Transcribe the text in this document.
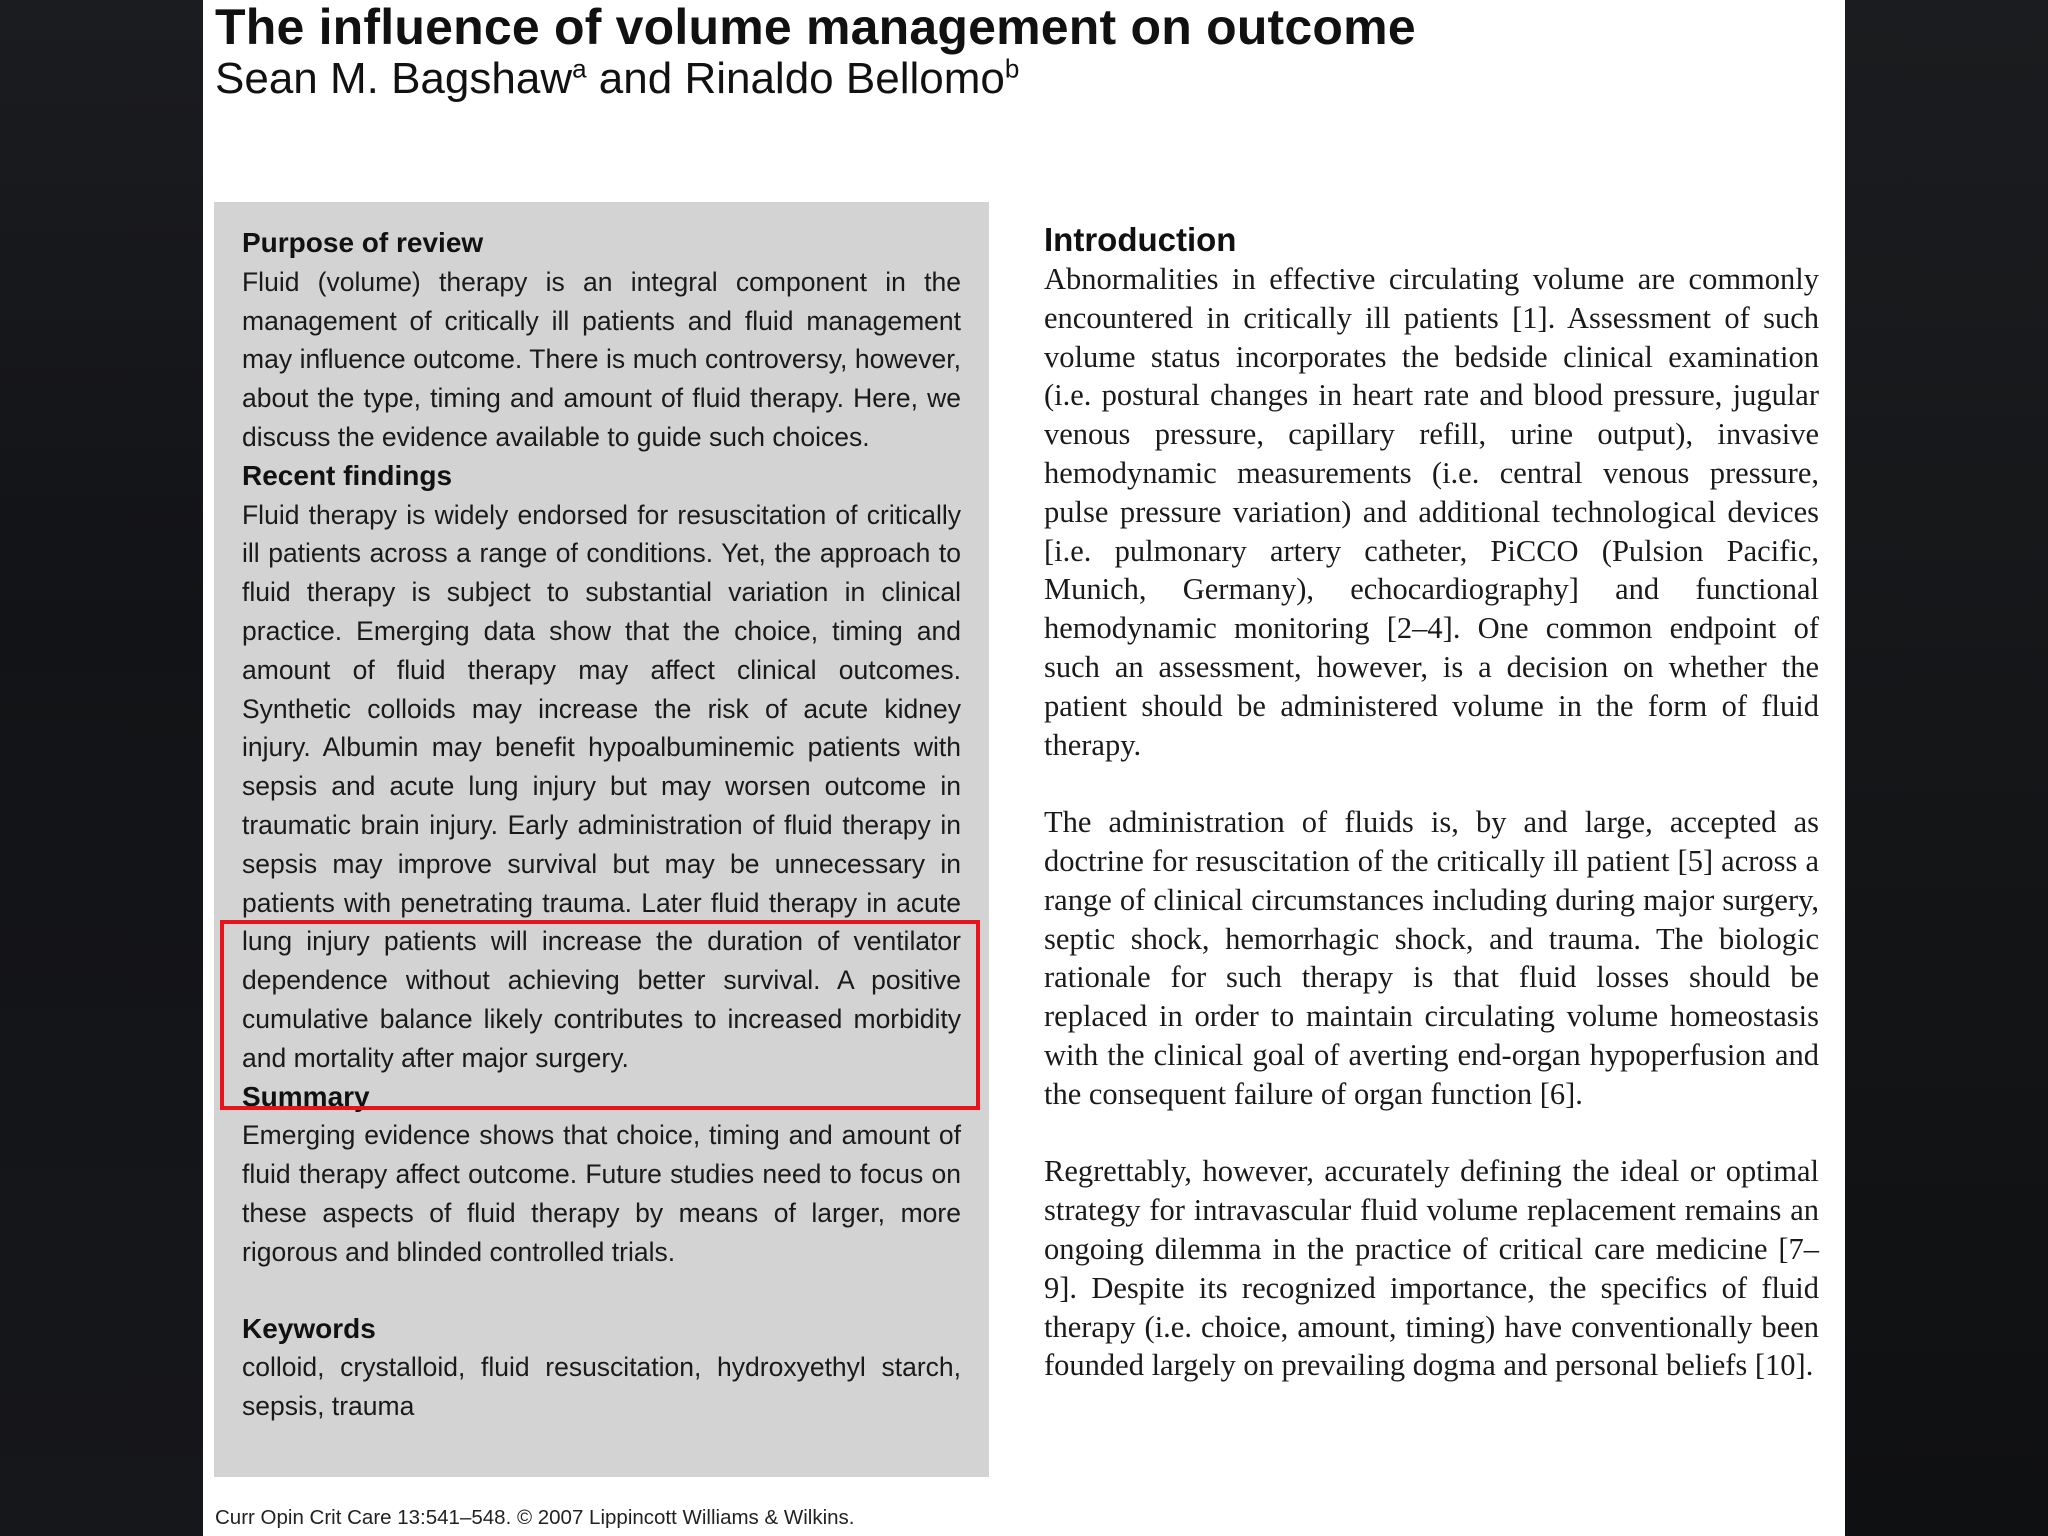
The influence of volume management on outcome
Sean M. Bagshaw$^a$ and Rinaldo Bellomo$^b$
Purpose of review

Fluid (volume) therapy is an integral component in the management of critically ill patients and fluid management may influence outcome. There is much controversy, however, about the type, timing and amount of fluid therapy. Here, we discuss the evidence available to guide such choices.

Recent findings

Fluid therapy is widely endorsed for resuscitation of critically ill patients across a range of conditions. Yet, the approach to fluid therapy is subject to substantial variation in clinical practice. Emerging data show that the choice, timing and amount of fluid therapy may affect clinical outcomes. Synthetic colloids may increase the risk of acute kidney injury. Albumin may benefit hypoalbuminemic patients with sepsis and acute lung injury but may worsen outcome in traumatic brain injury. Early administration of fluid therapy in sepsis may improve survival but may be unnecessary in patients with penetrating trauma. Later fluid therapy in acute lung injury patients will increase the duration of ventilator dependence without achieving better survival. A positive cumulative balance likely contributes to increased morbidity and mortality after major surgery.

Summary

Emerging evidence shows that choice, timing and amount of fluid therapy affect outcome. Future studies need to focus on these aspects of fluid therapy by means of larger, more rigorous and blinded controlled trials.

Keywords

colloid, crystalloid, fluid resuscitation, hydroxyethyl starch, sepsis, trauma

Curr Opin Crit Care 13:541–548. © 2007 Lippincott Williams & Wilkins.
Introduction

Abnormalities in effective circulating volume are commonly encountered in critically ill patients [1]. Assessment of such volume status incorporates the bedside clinical examination (i.e. postural changes in heart rate and blood pressure, jugular venous pressure, capillary refill, urine output), invasive hemodynamic measurements (i.e. central venous pressure, pulse pressure variation) and additional technological devices [i.e. pulmonary artery catheter, PiCCO (Pulsion Pacific, Munich, Germany), echocardiography] and functional hemodynamic monitoring [2–4]. One common endpoint of such an assessment, however, is a decision on whether the patient should be administered volume in the form of fluid therapy.

The administration of fluids is, by and large, accepted as doctrine for resuscitation of the critically ill patient [5] across a range of clinical circumstances including during major surgery, septic shock, hemorrhagic shock, and trauma. The biologic rationale for such therapy is that fluid losses should be replaced in order to maintain circulating volume homeostasis with the clinical goal of averting end-organ hypoperfusion and the consequent failure of organ function [6].

Regrettably, however, accurately defining the ideal or optimal strategy for intravascular fluid volume replacement remains an ongoing dilemma in the practice of critical care medicine [7–9]. Despite its recognized importance, the specifics of fluid therapy (i.e. choice, amount, timing) have conventionally been founded largely on prevailing dogma and personal beliefs [10].
